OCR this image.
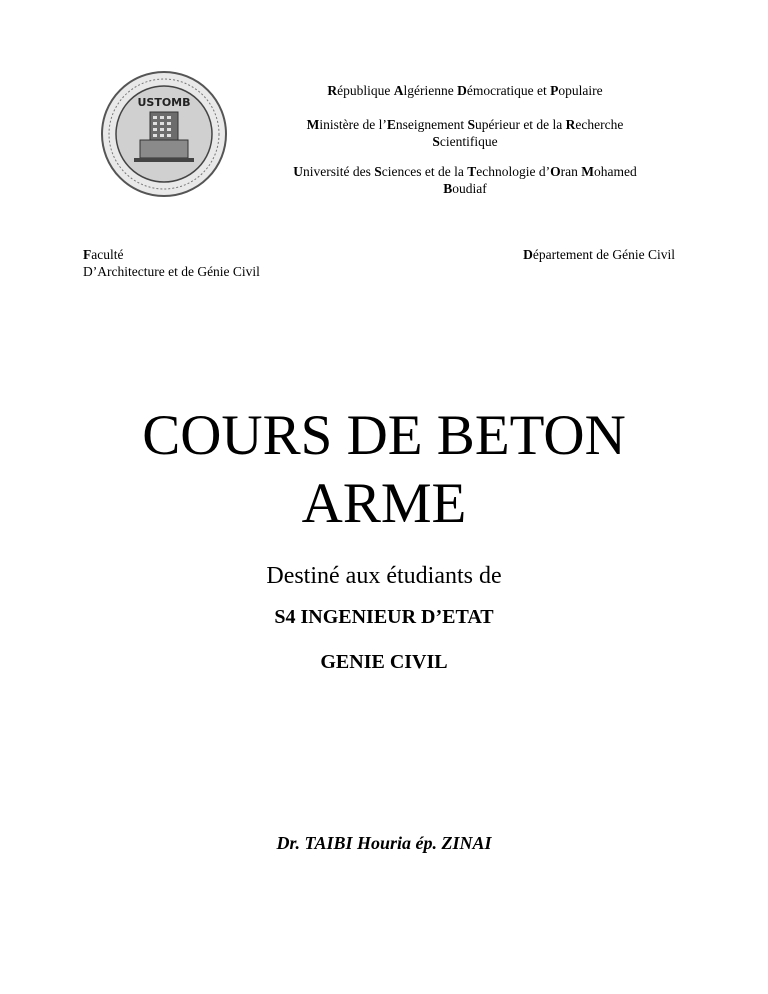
USTOMB
République Algérienne Démocratique et Populaire
Ministère de l’Enseignement Supérieur et de la Recherche
Scientifique
Université des Sciences et de la Technologie d’Oran Mohamed
Boudiaf
Faculté
D’Architecture et de Génie Civil
Département de Génie Civil
COURS DE BETON
ARME
Destiné aux étudiants de
S4 INGENIEUR D’ETAT
GENIE CIVIL
Dr. TAIBI Houria ép. ZINAI
